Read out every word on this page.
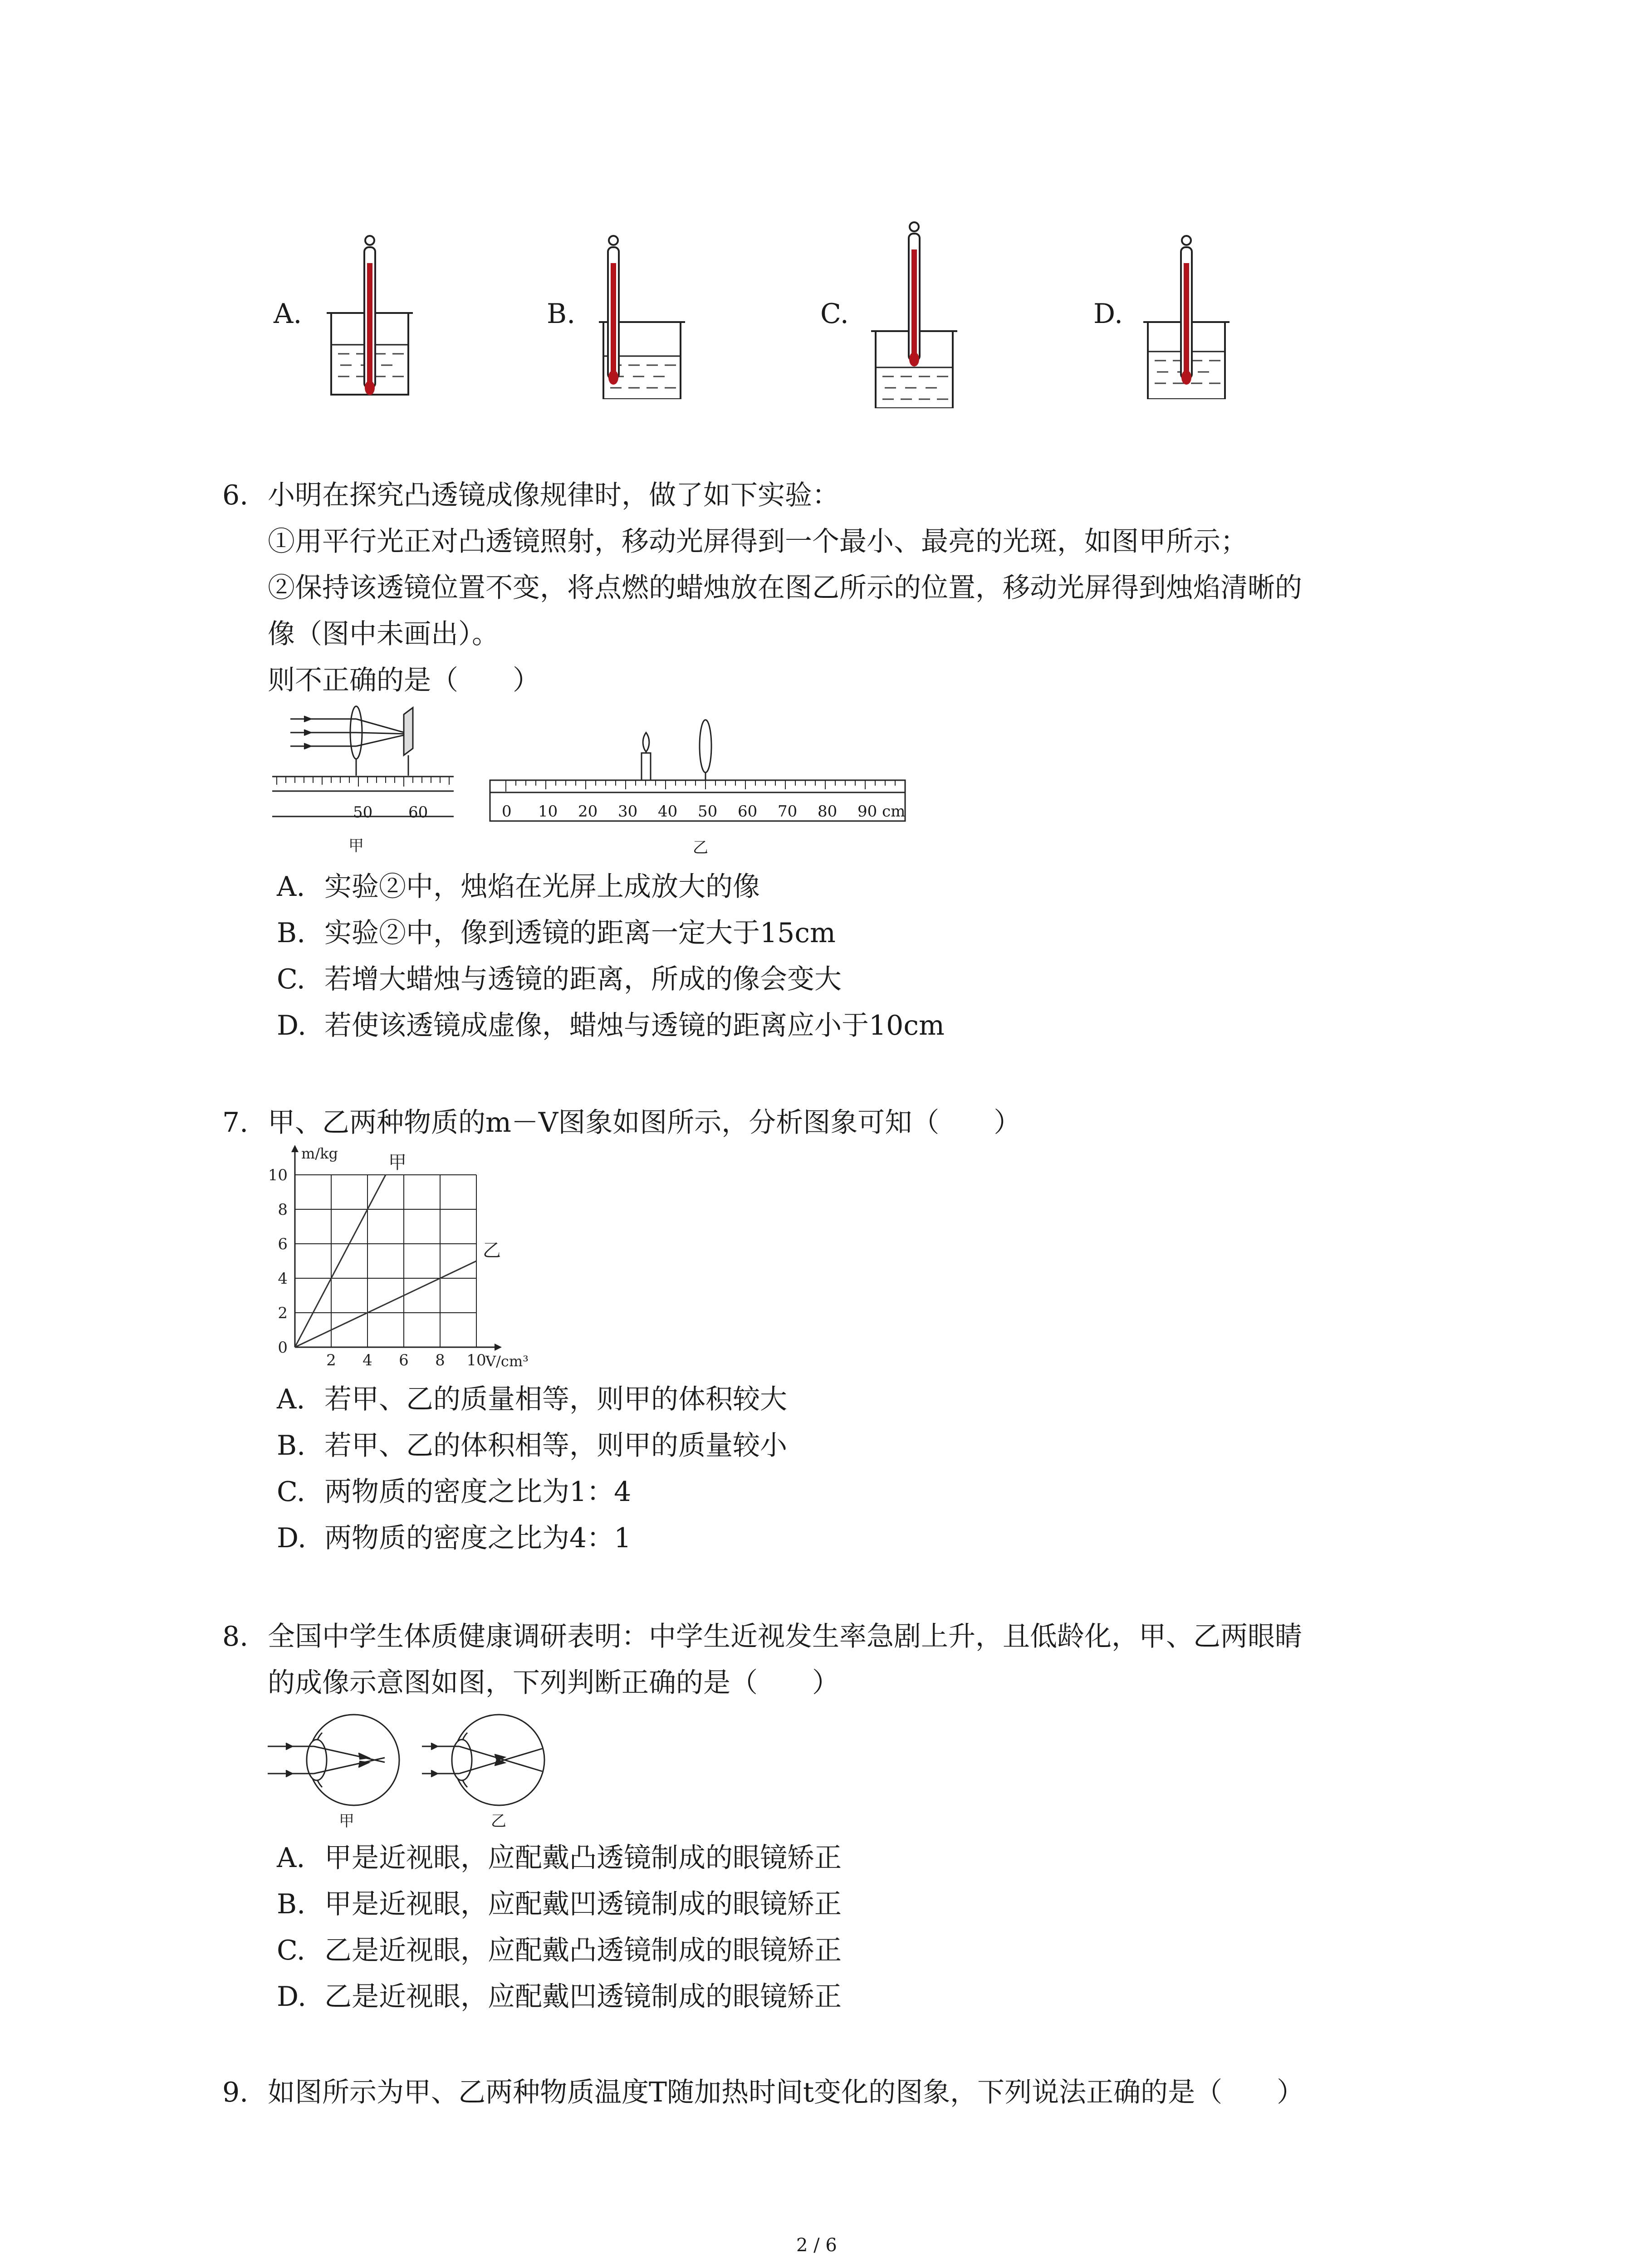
A.	B.	C.	D.
6. 小明在探究凸透镜成像规律时，做了如下实验：
①用平行光正对凸透镜照射，移动光屏得到一个最小、最亮的光斑，如图甲所示；
②保持该透镜位置不变，将点燃的蜡烛放在图乙所示的位置，移动光屏得到烛焰清晰的
像（图中未画出）。
则不正确的是（　　）
50 60
甲
0 10 20 30 40 50 60 70 80 90 cm
乙
A. 实验②中，烛焰在光屏上成放大的像
B. 实验②中，像到透镜的距离一定大于15cm
C. 若增大蜡烛与透镜的距离，所成的像会变大
D. 若使该透镜成虚像，蜡烛与透镜的距离应小于10cm
7. 甲、乙两种物质的m－V图象如图所示，分析图象可知（　　）
甲
乙
2 4 6 8 10
0
2
4
6
8
10
V/cm³
m/kg
A. 若甲、乙的质量相等，则甲的体积较大
B. 若甲、乙的体积相等，则甲的质量较小
C. 两物质的密度之比为1：4
D. 两物质的密度之比为4：1
8. 全国中学生体质健康调研表明：中学生近视发生率急剧上升，且低龄化，甲、乙两眼睛
的成像示意图如图，下列判断正确的是（　　）
甲	乙
A. 甲是近视眼，应配戴凸透镜制成的眼镜矫正
B. 甲是近视眼，应配戴凹透镜制成的眼镜矫正
C. 乙是近视眼，应配戴凸透镜制成的眼镜矫正
D. 乙是近视眼，应配戴凹透镜制成的眼镜矫正
9. 如图所示为甲、乙两种物质温度T随加热时间t变化的图象，下列说法正确的是（　　）
2 / 6
